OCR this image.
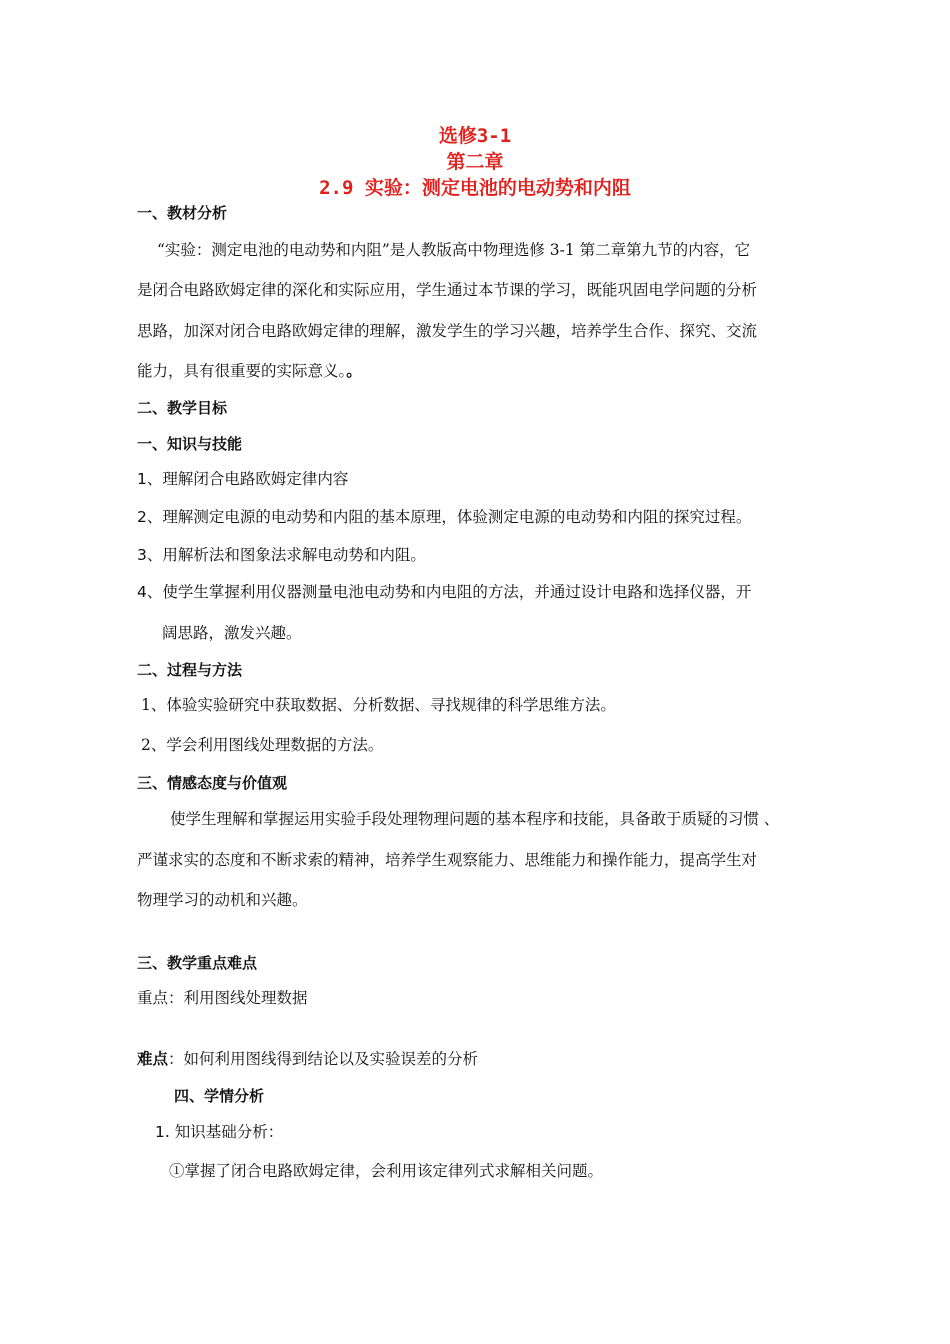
选修3-1
第二章
2.9 实验：测定电池的电动势和内阻
一、教材分析
“实验：测定电池的电动势和内阻”是人教版高中物理选修 3-1 第二章第九节的内容，它
是闭合电路欧姆定律的深化和实际应用，学生通过本节课的学习，既能巩固电学问题的分析
思路，加深对闭合电路欧姆定律的理解，激发学生的学习兴趣，培养学生合作、探究、交流
能力，具有很重要的实际意义。。
二、教学目标
一、知识与技能
1、理解闭合电路欧姆定律内容
2、理解测定电源的电动势和内阻的基本原理，体验测定电源的电动势和内阻的探究过程。
3、用解析法和图象法求解电动势和内阻。
4、使学生掌握利用仪器测量电池电动势和内电阻的方法，并通过设计电路和选择仪器，开
阔思路，激发兴趣。
二、过程与方法
1、体验实验研究中获取数据、分析数据、寻找规律的科学思维方法。
2、学会利用图线处理数据的方法。
三、情感态度与价值观
使学生理解和掌握运用实验手段处理物理问题的基本程序和技能，具备敢于质疑的习惯 、
严谨求实的态度和不断求索的精神，培养学生观察能力、思维能力和操作能力，提高学生对
物理学习的动机和兴趣。
三、教学重点难点
重点：利用图线处理数据
难点：如何利用图线得到结论以及实验误差的分析
四、学情分析
1. 知识基础分析：
①掌握了闭合电路欧姆定律，会利用该定律列式求解相关问题。
